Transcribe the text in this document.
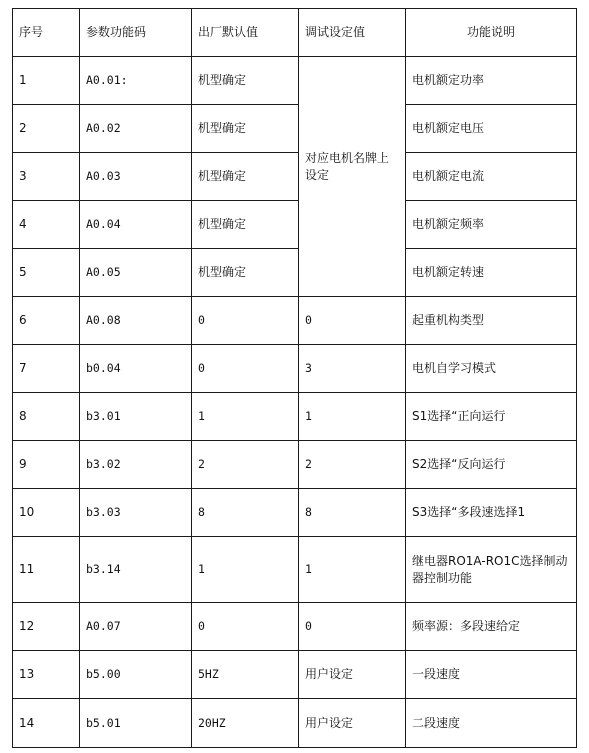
序号	参数功能码	出厂默认值	调试设定值	功能说明
1	A0.01:	机型确定	对应电机名牌上设定	电机额定功率
2	A0.02	机型确定		电机额定电压
3	A0.03	机型确定		电机额定电流
4	A0.04	机型确定		电机额定频率
5	A0.05	机型确定		电机额定转速
6	A0.08	0	0	起重机构类型
7	b0.04	0	3	电机自学习模式
8	b3.01	1	1	S1选择“正向运行
9	b3.02	2	2	S2选择“反向运行
10	b3.03	8	8	S3选择“多段速选择1
11	b3.14	1	1	继电器RO1A-RO1C选择制动器控制功能
12	A0.07	0	0	频率源：多段速给定
13	b5.00	5HZ	用户设定	一段速度
14	b5.01	20HZ	用户设定	二段速度
